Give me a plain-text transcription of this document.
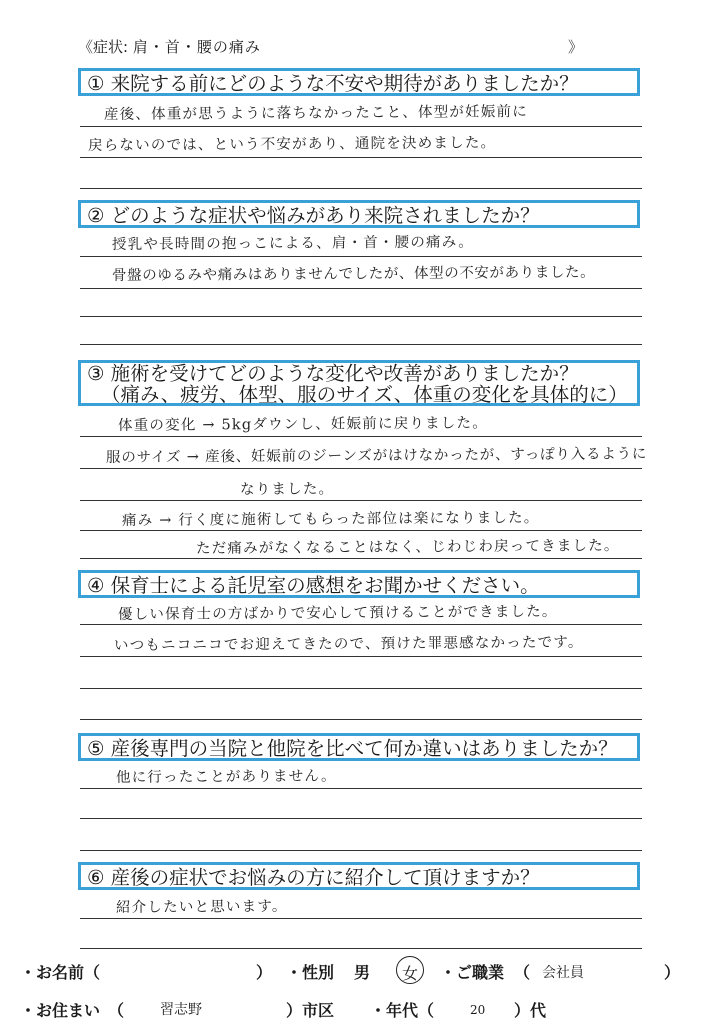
《症状: 肩・首・腰の痛み	》
① 来院する前にどのような不安や期待がありましたか？
産後、体重が思うように落ちなかったこと、体型が妊娠前に
戻らないのでは、という不安があり、通院を決めました。
② どのような症状や悩みがあり来院されましたか？
授乳や長時間の抱っこによる、肩・首・腰の痛み。
骨盤のゆるみや痛みはありませんでしたが、体型の不安がありました。
③ 施術を受けてどのような変化や改善がありましたか？
（痛み、疲労、体型、服のサイズ、体重の変化を具体的に）
体重の変化 → 5kgダウンし、妊娠前に戻りました。
服のサイズ → 産後、妊娠前のジーンズがはけなかったが、すっぽり入るように
なりました。
痛み → 行く度に施術してもらった部位は楽になりました。
ただ痛みがなくなることはなく、じわじわ戻ってきました。
④ 保育士による託児室の感想をお聞かせください。
優しい保育士の方ばかりで安心して預けることができました。
いつもニコニコでお迎えてきたので、預けた罪悪感なかったです。
⑤ 産後専門の当院と他院を比べて何か違いはありましたか？
他に行ったことがありません。
⑥ 産後の症状でお悩みの方に紹介して頂けますか？
紹介したいと思います。
・お名前（	） ・性別 男 女 ・ご職業 （ 会社員	）
・お住まい　（	習志野	）市区 ・年代（	20 ）代
